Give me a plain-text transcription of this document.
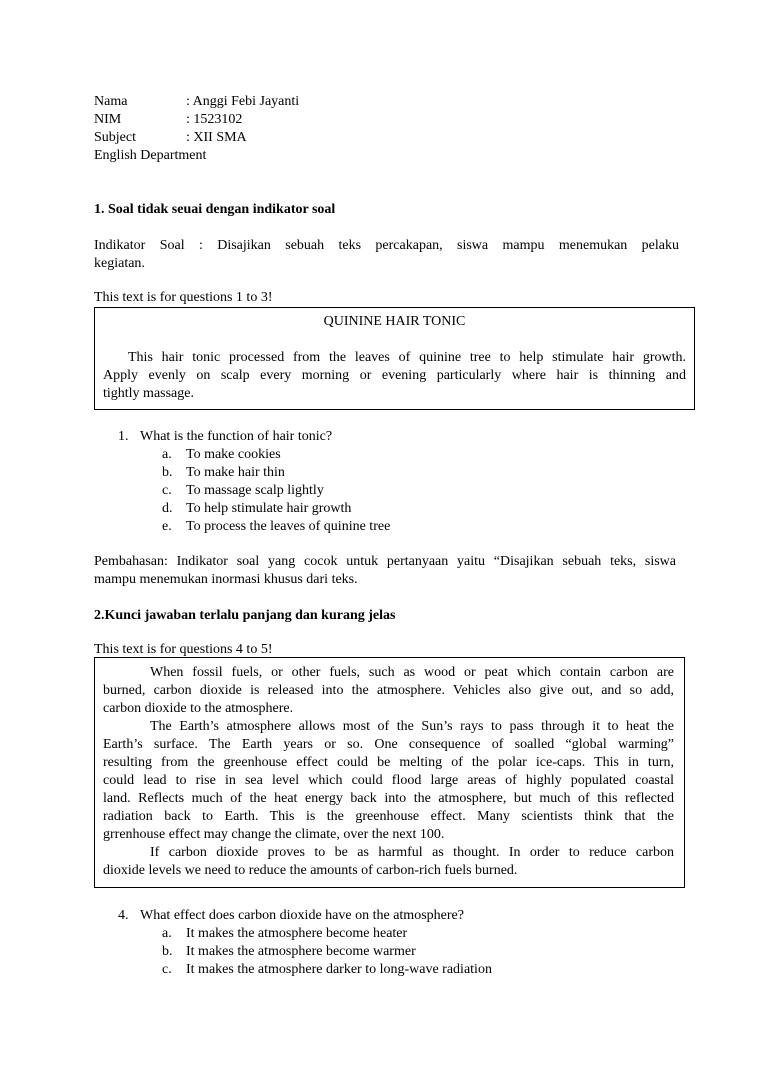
Nama	: Anggi Febi Jayanti
NIM	: 1523102
Subject	: XII SMA
English Department
1. Soal tidak seuai dengan indikator soal
Indikator Soal : Disajikan sebuah teks percakapan, siswa mampu menemukan pelaku
kegiatan.
This text is for questions 1 to 3!
QUININE HAIR TONIC
This hair tonic processed from the leaves of quinine tree to help stimulate hair growth.
Apply evenly on scalp every morning or evening particularly where hair is thinning and
tightly massage.
1. What is the function of hair tonic?
a. To make cookies
b. To make hair thin
c. To massage scalp lightly
d. To help stimulate hair growth
e. To process the leaves of quinine tree
Pembahasan: Indikator soal yang cocok untuk pertanyaan yaitu “Disajikan sebuah teks, siswa
mampu menemukan inormasi khusus dari teks.
2.Kunci jawaban terlalu panjang dan kurang jelas
This text is for questions 4 to 5!
When fossil fuels, or other fuels, such as wood or peat which contain carbon are
burned, carbon dioxide is released into the atmosphere. Vehicles also give out, and so add,
carbon dioxide to the atmosphere.
The Earth’s atmosphere allows most of the Sun’s rays to pass through it to heat the
Earth’s surface. The Earth years or so. One consequence of soalled “global warming”
resulting from the greenhouse effect could be melting of the polar ice-caps. This in turn,
could lead to rise in sea level which could flood large areas of highly populated coastal
land. Reflects much of the heat energy back into the atmosphere, but much of this reflected
radiation back to Earth. This is the greenhouse effect. Many scientists think that the
grrenhouse effect may change the climate, over the next 100.
If carbon dioxide proves to be as harmful as thought. In order to reduce carbon
dioxide levels we need to reduce the amounts of carbon-rich fuels burned.
4. What effect does carbon dioxide have on the atmosphere?
a. It makes the atmosphere become heater
b. It makes the atmosphere become warmer
c. It makes the atmosphere darker to long-wave radiation
